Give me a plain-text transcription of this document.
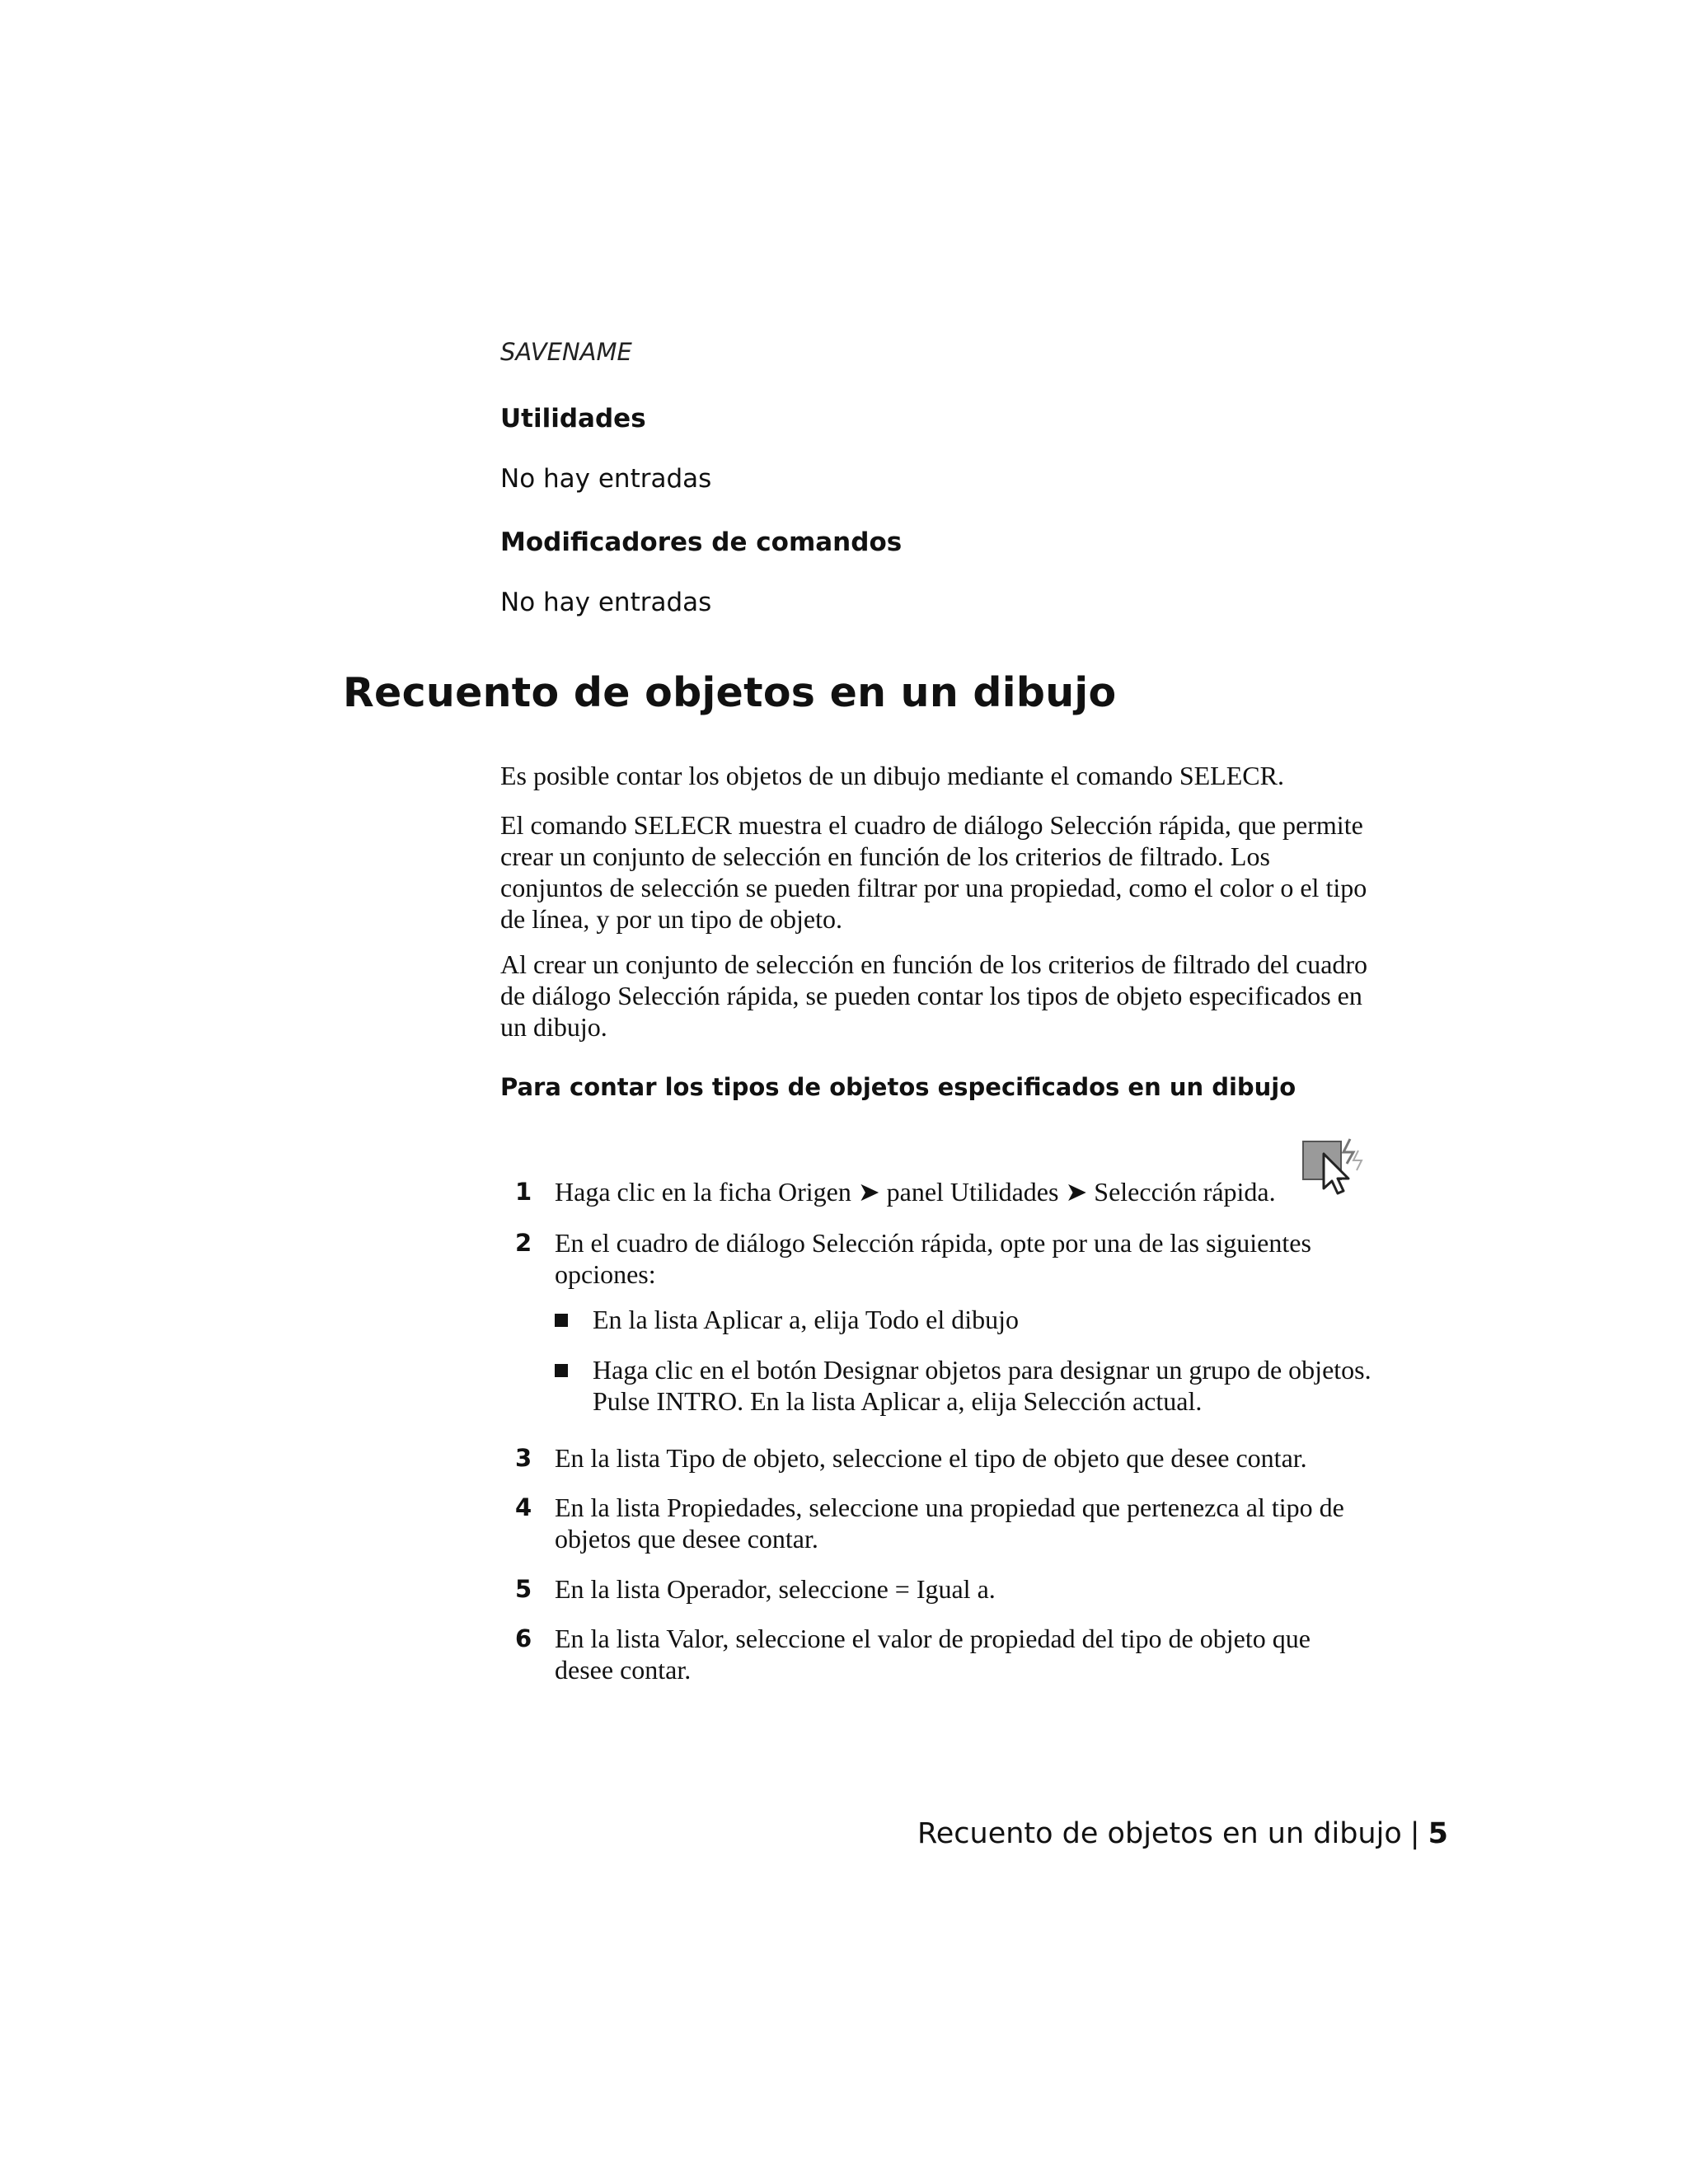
SAVENAME

Utilidades

No hay entradas

Modificadores de comandos

No hay entradas

Recuento de objetos en un dibujo

Es posible contar los objetos de un dibujo mediante el comando SELECR.

El comando SELECR muestra el cuadro de diálogo Selección rápida, que permite crear un conjunto de selección en función de los criterios de filtrado. Los conjuntos de selección se pueden filtrar por una propiedad, como el color o el tipo de línea, y por un tipo de objeto.

Al crear un conjunto de selección en función de los criterios de filtrado del cuadro de diálogo Selección rápida, se pueden contar los tipos de objeto especificados en un dibujo.

Para contar los tipos de objetos especificados en un dibujo

1 Haga clic en la ficha Origen ➤ panel Utilidades ➤ Selección rápida.
2 En el cuadro de diálogo Selección rápida, opte por una de las siguientes opciones:
En la lista Aplicar a, elija Todo el dibujo
Haga clic en el botón Designar objetos para designar un grupo de objetos. Pulse INTRO. En la lista Aplicar a, elija Selección actual.
3 En la lista Tipo de objeto, seleccione el tipo de objeto que desee contar.
4 En la lista Propiedades, seleccione una propiedad que pertenezca al tipo de objetos que desee contar.
5 En la lista Operador, seleccione = Igual a.
6 En la lista Valor, seleccione el valor de propiedad del tipo de objeto que desee contar.
Recuento de objetos en un dibujo | 5
